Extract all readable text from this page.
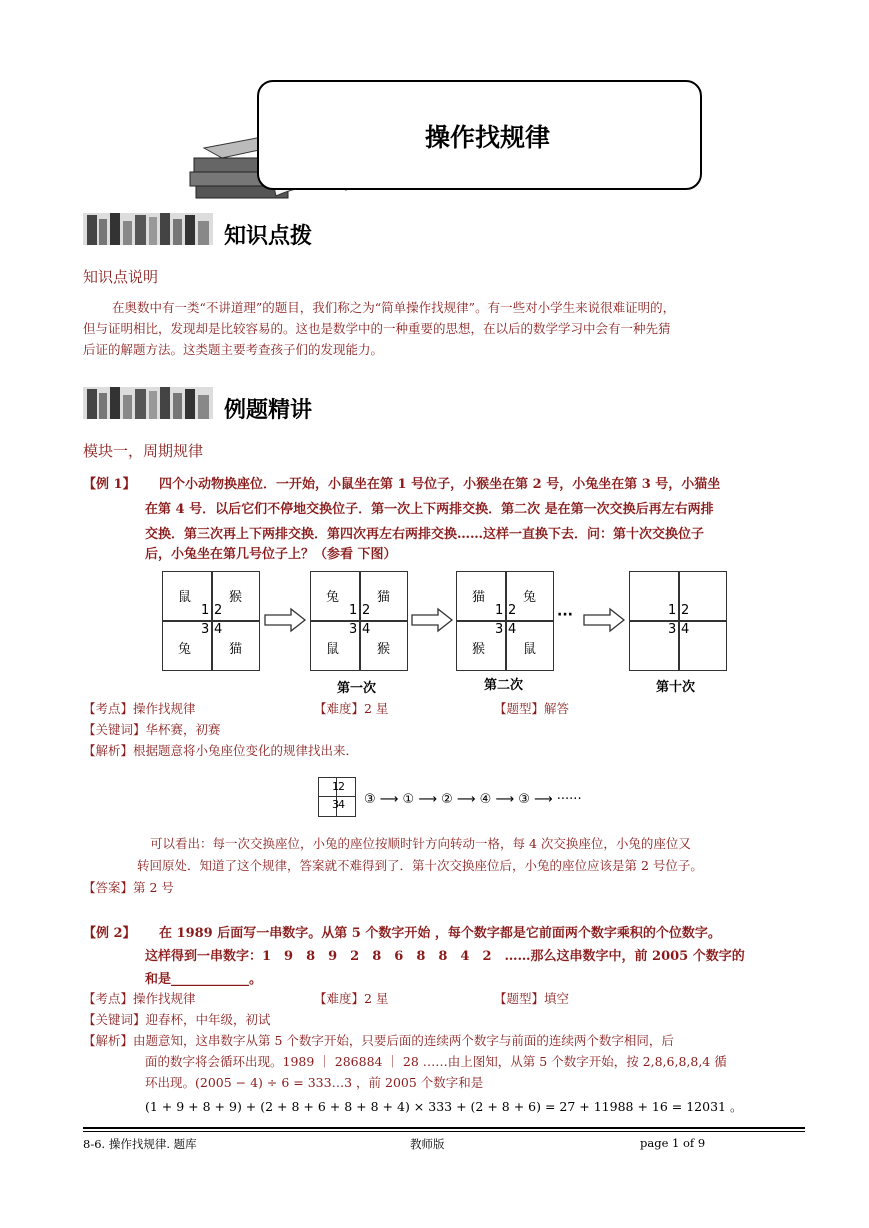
操作找规律
知识点拨
知识点说明
在奥数中有一类“不讲道理”的题目，我们称之为“简单操作找规律”。有一些对小学生来说很难证明的，
但与证明相比，发现却是比较容易的。这也是数学中的一种重要的思想，在以后的数学学习中会有一种先猜
后证的解题方法。这类题主要考查孩子们的发现能力。
例题精讲
模块一，周期规律
【例 1】 四个小动物换座位．一开始，小鼠坐在第 1 号位子，小猴坐在第 2 号，小兔坐在第 3 号，小猫坐
在第 4 号．以后它们不停地交换位子．第一次上下两排交换．第二次 是在第一次交换后再左右两排
交换．第三次再上下两排交换．第四次再左右两排交换……这样一直换下去．问：第十次交换位子
后，小兔坐在第几号位子上？（参看 下图）
鼠	猴
兔	猫
1 2
3 4
兔	猫
鼠	猴
1 2
3 4
第一次
猫	兔
猴	鼠
1 2
3 4
第二次
···	1 2
3 4
第十次
【考点】操作找规律	【难度】2 星	【题型】解答
【关键词】华杯赛，初赛
【解析】根据题意将小兔座位变化的规律找出来．
1 2
3 4 ③ ⟶ ① ⟶ ② ⟶ ④ ⟶ ③ ⟶ ······
可以看出：每一次交换座位，小兔的座位按顺时针方向转动一格，每 4 次交换座位，小兔的座位又
转回原处．知道了这个规律，答案就不难得到了．第十次交换座位后，小兔的座位应该是第 2 号位子。
【答案】第 2 号
【例 2】 在 1989 后面写一串数字。从第 5 个数字开始 ，每个数字都是它前面两个数字乘积的个位数字。
这样得到一串数字：1　9　8　9　2　8　6　8　8　4　2　……那么这串数字中，前 2005 个数字的
和是____________。
【考点】操作找规律	【难度】2 星	【题型】填空
【关键词】迎春杯，中年级，初试
【解析】由题意知，这串数字从第 5 个数字开始，只要后面的连续两个数字与前面的连续两个数字相同，后
面的数字将会循环出现。1989 ｜ 286884 ｜ 28 ……由上图知，从第 5 个数字开始，按 2,8,6,8,8,4 循
环出现。(2005 − 4) ÷ 6 = 333…3 ，前 2005 个数字和是
(1 + 9 + 8 + 9) + (2 + 8 + 6 + 8 + 8 + 4) × 333 + (2 + 8 + 6) = 27 + 11988 + 16 = 12031 。
8-6. 操作找规律. 题库	教师版	page 1 of 9
